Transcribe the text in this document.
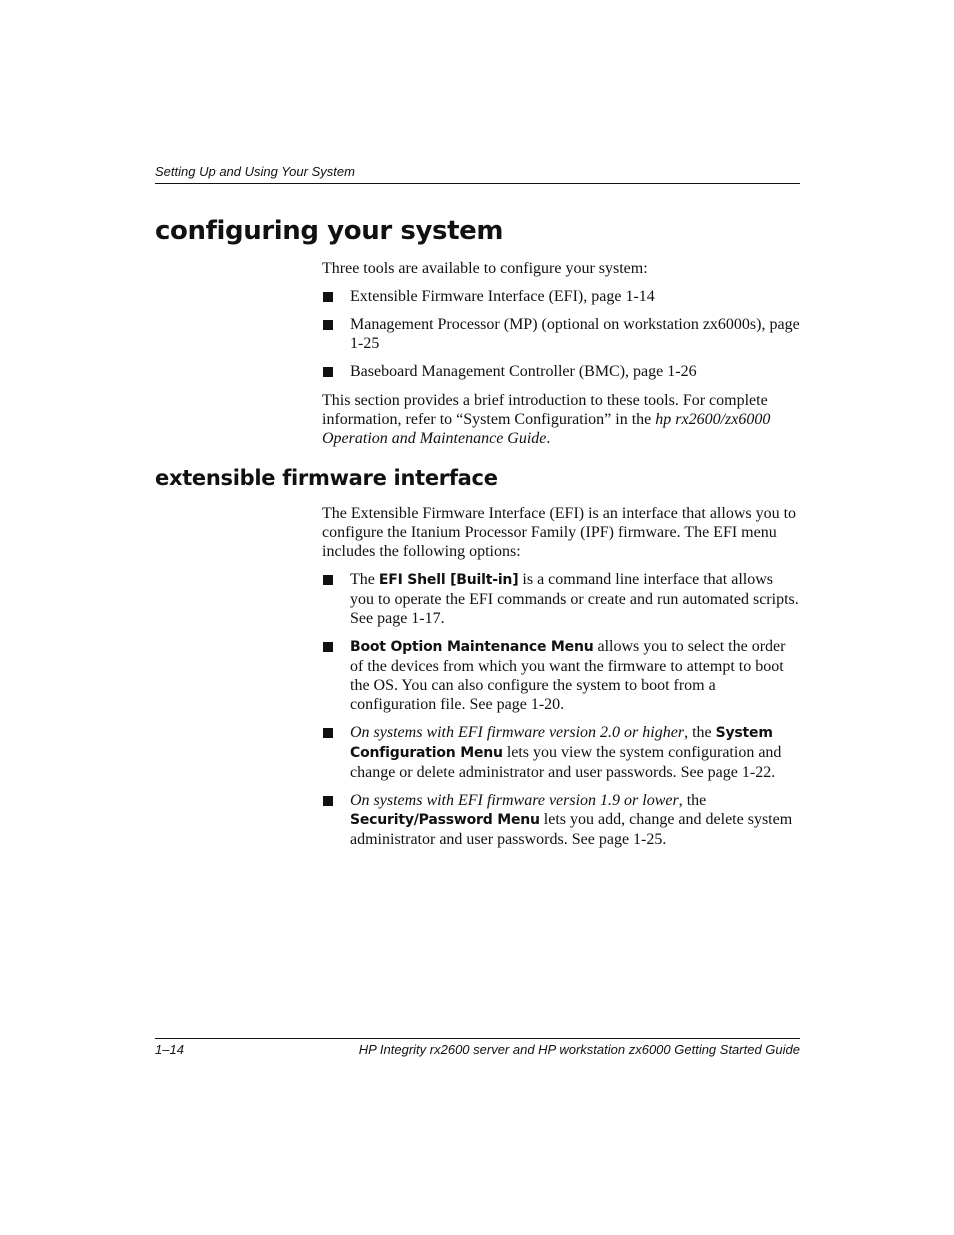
Setting Up and Using Your System
configuring your system

Three tools are available to configure your system:

Extensible Firmware Interface (EFI), page 1-14
Management Processor (MP) (optional on workstation zx6000s), page 1-25
Baseboard Management Controller (BMC), page 1-26

This section provides a brief introduction to these tools. For complete information, refer to “System Configuration” in the hp rx2600/zx6000 Operation and Maintenance Guide.

extensible firmware interface

The Extensible Firmware Interface (EFI) is an interface that allows you to configure the Itanium Processor Family (IPF) firmware. The EFI menu includes the following options:

The EFI Shell [Built-in] is a command line interface that allows you to operate the EFI commands or create and run automated scripts. See page 1-17.
Boot Option Maintenance Menu allows you to select the order of the devices from which you want the firmware to attempt to boot the OS. You can also configure the system to boot from a configuration file. See page 1-20.
On systems with EFI firmware version 2.0 or higher, the System Configuration Menu lets you view the system configuration and change or delete administrator and user passwords. See page 1-22.
On systems with EFI firmware version 1.9 or lower, the Security/Password Menu lets you add, change and delete system administrator and user passwords. See page 1-25.
1–14	HP Integrity rx2600 server and HP workstation zx6000 Getting Started Guide
